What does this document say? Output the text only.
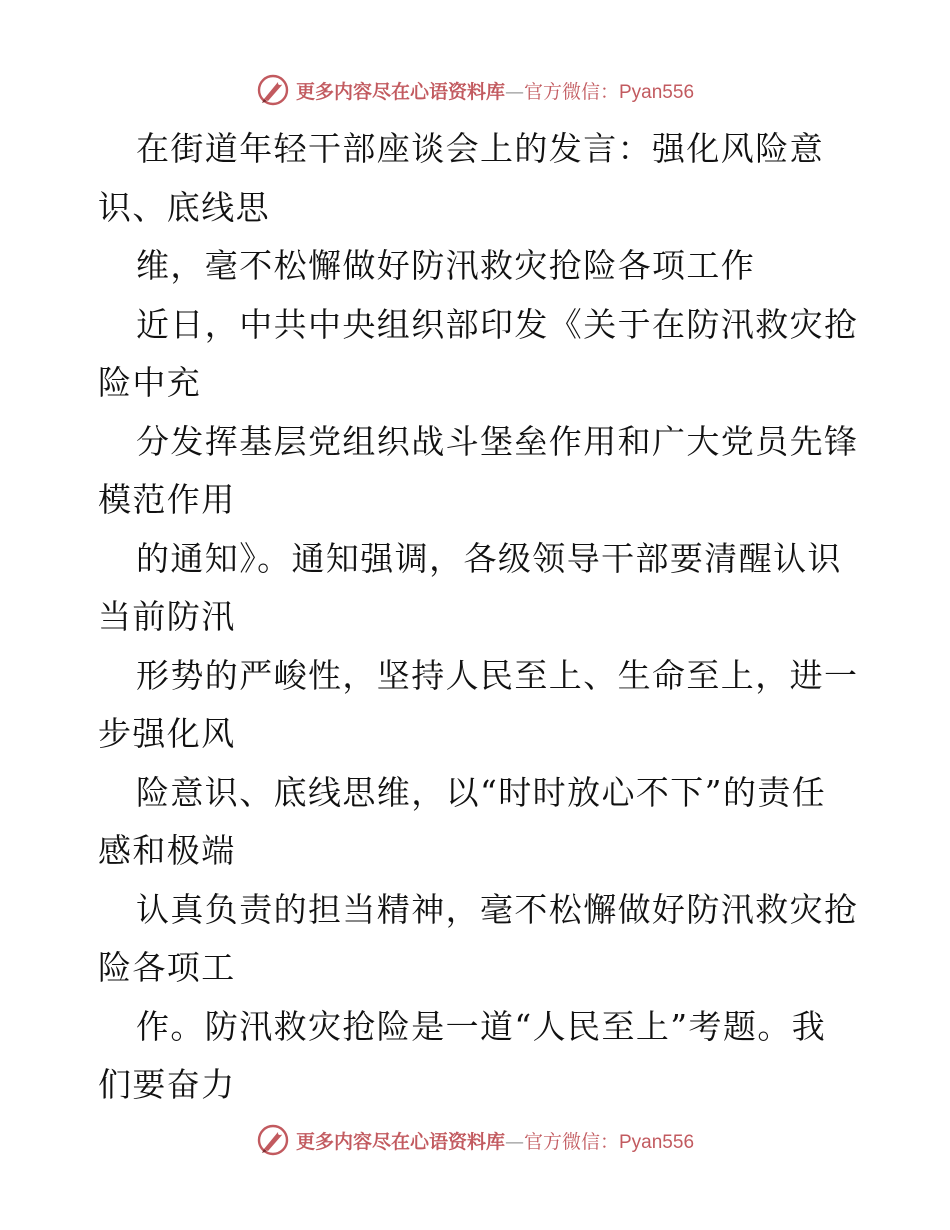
更多内容尽在心语资料库—官方微信：Pyan556
在街道年轻干部座谈会上的发言：强化风险意
识、底线思
维，毫不松懈做好防汛救灾抢险各项工作
近日，中共中央组织部印发《关于在防汛救灾抢
险中充
分发挥基层党组织战斗堡垒作用和广大党员先锋
模范作用
的通知》。通知强调，各级领导干部要清醒认识
当前防汛
形势的严峻性，坚持人民至上、生命至上，进一
步强化风
险意识、底线思维，以“时时放心不下”的责任
感和极端
认真负责的担当精神，毫不松懈做好防汛救灾抢
险各项工
作。防汛救灾抢险是一道“人民至上”考题。我
们要奋力
更多内容尽在心语资料库—官方微信：Pyan556
